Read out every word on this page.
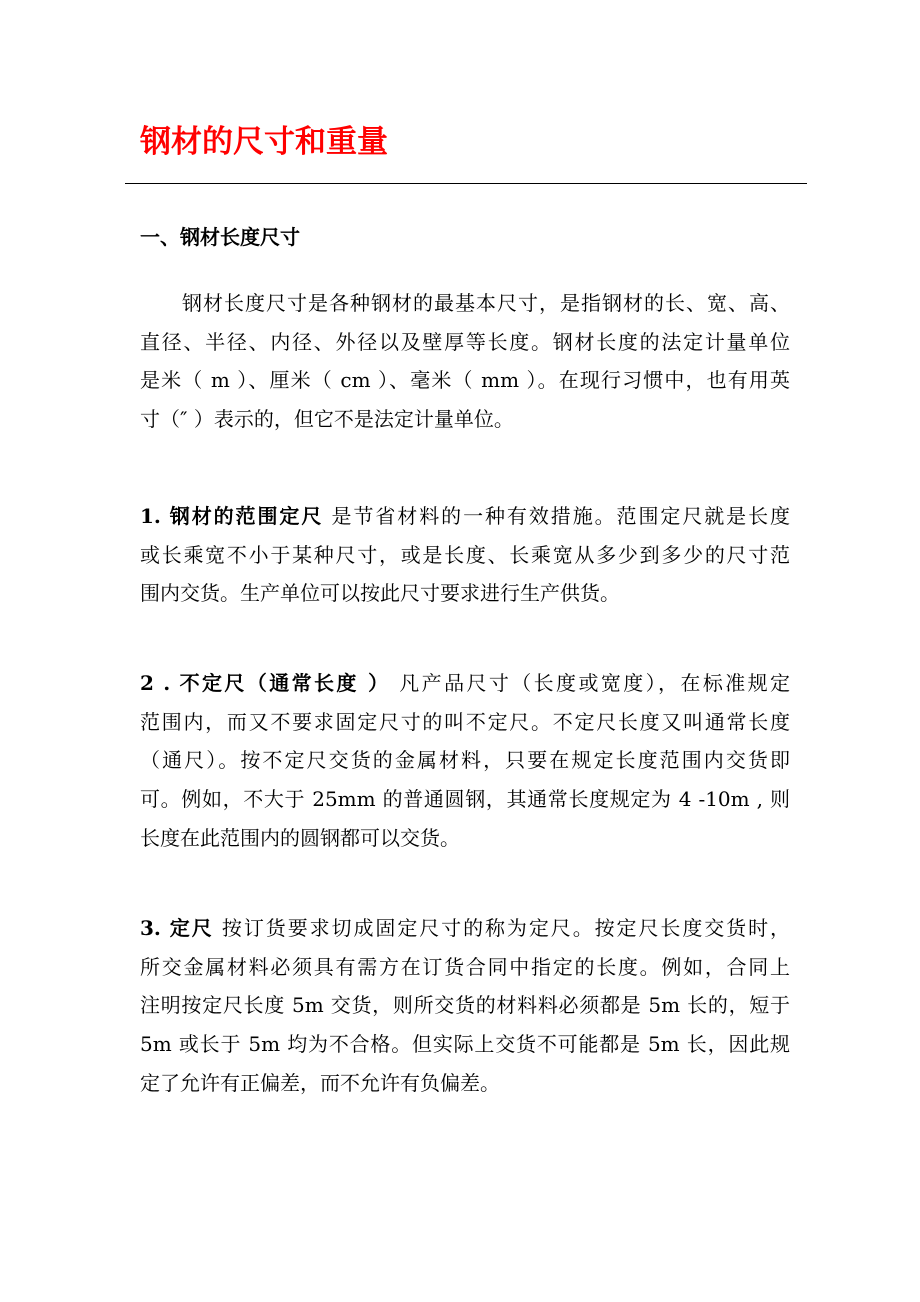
钢材的尺寸和重量
一、钢材长度尺寸
钢材长度尺寸是各种钢材的最基本尺寸，是指钢材的长、宽、高、
直径、半径、内径、外径以及壁厚等长度。钢材长度的法定计量单位
是米（ m ）、厘米（ cm ）、毫米（ mm ）。在现行习惯中，也有用英
寸（″ ）表示的，但它不是法定计量单位。
1. 钢材的范围定尺 是节省材料的一种有效措施。范围定尺就是长度
或长乘宽不小于某种尺寸，或是长度、长乘宽从多少到多少的尺寸范
围内交货。生产单位可以按此尺寸要求进行生产供货。
2 . 不定尺（通常长度 ） 凡产品尺寸（长度或宽度），在标准规定
范围内，而又不要求固定尺寸的叫不定尺。不定尺长度又叫通常长度
（通尺）。按不定尺交货的金属材料，只要在规定长度范围内交货即
可。例如，不大于 25mm 的普通圆钢，其通常长度规定为 4 -10m , 则
长度在此范围内的圆钢都可以交货。
3. 定尺 按订货要求切成固定尺寸的称为定尺。按定尺长度交货时，
所交金属材料必须具有需方在订货合同中指定的长度。例如，合同上
注明按定尺长度 5m 交货，则所交货的材料料必须都是 5m 长的，短于
5m 或长于 5m 均为不合格。但实际上交货不可能都是 5m 长，因此规
定了允许有正偏差，而不允许有负偏差。
